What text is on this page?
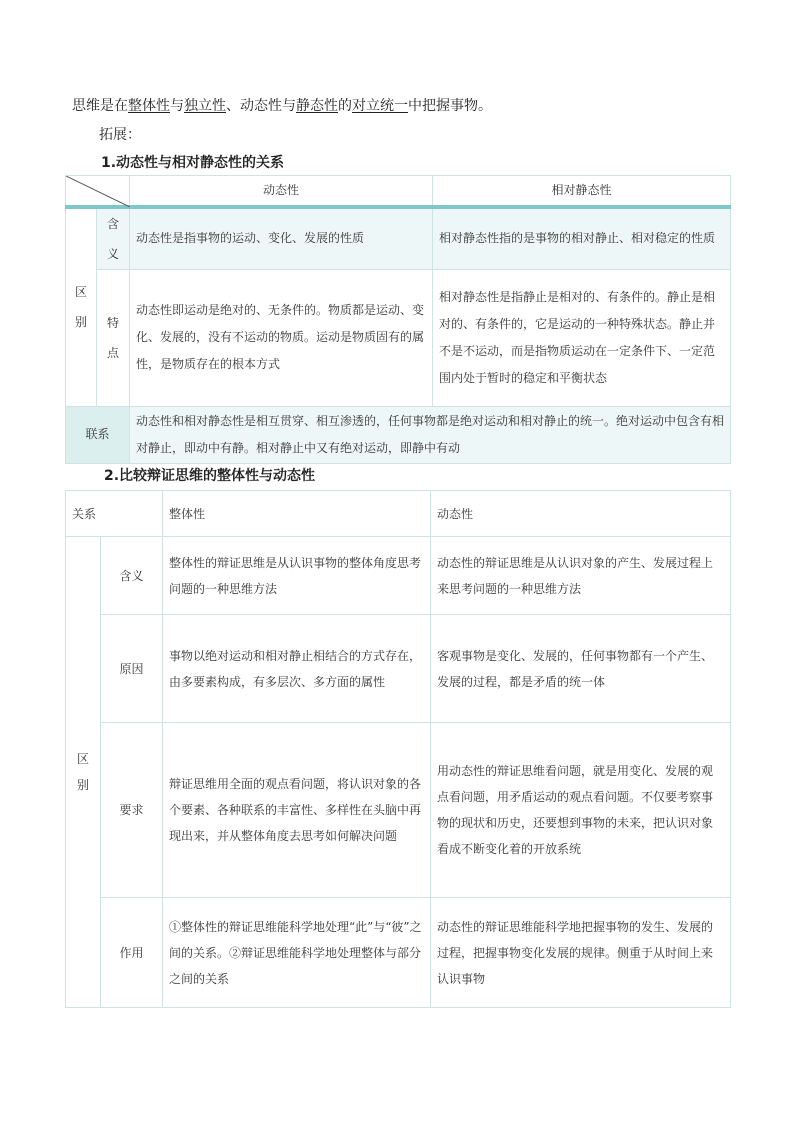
思维是在整体性与独立性、动态性与静态性的对立统一中把握事物。
拓展：
1.动态性与相对静态性的关系
	动态性	相对静态性
区
别	含
义	动态性是指事物的运动、变化、发展的性质	相对静态性指的是事物的相对静止、相对稳定的性质
	特
点	动态性即运动是绝对的、无条件的。物质都是运动、变化、发展的，没有不运动的物质。运动是物质固有的属性，是物质存在的根本方式	相对静态性是指静止是相对的、有条件的。静止是相对的、有条件的，它是运动的一种特殊状态。静止并不是不运动，而是指物质运动在一定条件下、一定范围内处于暂时的稳定和平衡状态
联系		动态性和相对静态性是相互贯穿、相互渗透的，任何事物都是绝对运动和相对静止的统一。绝对运动中包含有相对静止，即动中有静。相对静止中又有绝对运动，即静中有动	
2.比较辩证思维的整体性与动态性
关系		整体性	动态性
区
别	含义	整体性的辩证思维是从认识事物的整体角度思考问题的一种思维方法	动态性的辩证思维是从认识对象的产生、发展过程上来思考问题的一种思维方法
	原因	事物以绝对运动和相对静止相结合的方式存在，由多要素构成，有多层次、多方面的属性	客观事物是变化、发展的，任何事物都有一个产生、发展的过程，都是矛盾的统一体
	要求	辩证思维用全面的观点看问题，将认识对象的各个要素、各种联系的丰富性、多样性在头脑中再现出来，并从整体角度去思考如何解决问题	用动态性的辩证思维看问题，就是用变化、发展的观点看问题，用矛盾运动的观点看问题。不仅要考察事物的现状和历史，还要想到事物的未来，把认识对象看成不断变化着的开放系统
	作用	①整体性的辩证思维能科学地处理“此”与“彼”之间的关系。②辩证思维能科学地处理整体与部分之间的关系	动态性的辩证思维能科学地把握事物的发生、发展的过程，把握事物变化发展的规律。侧重于从时间上来认识事物
